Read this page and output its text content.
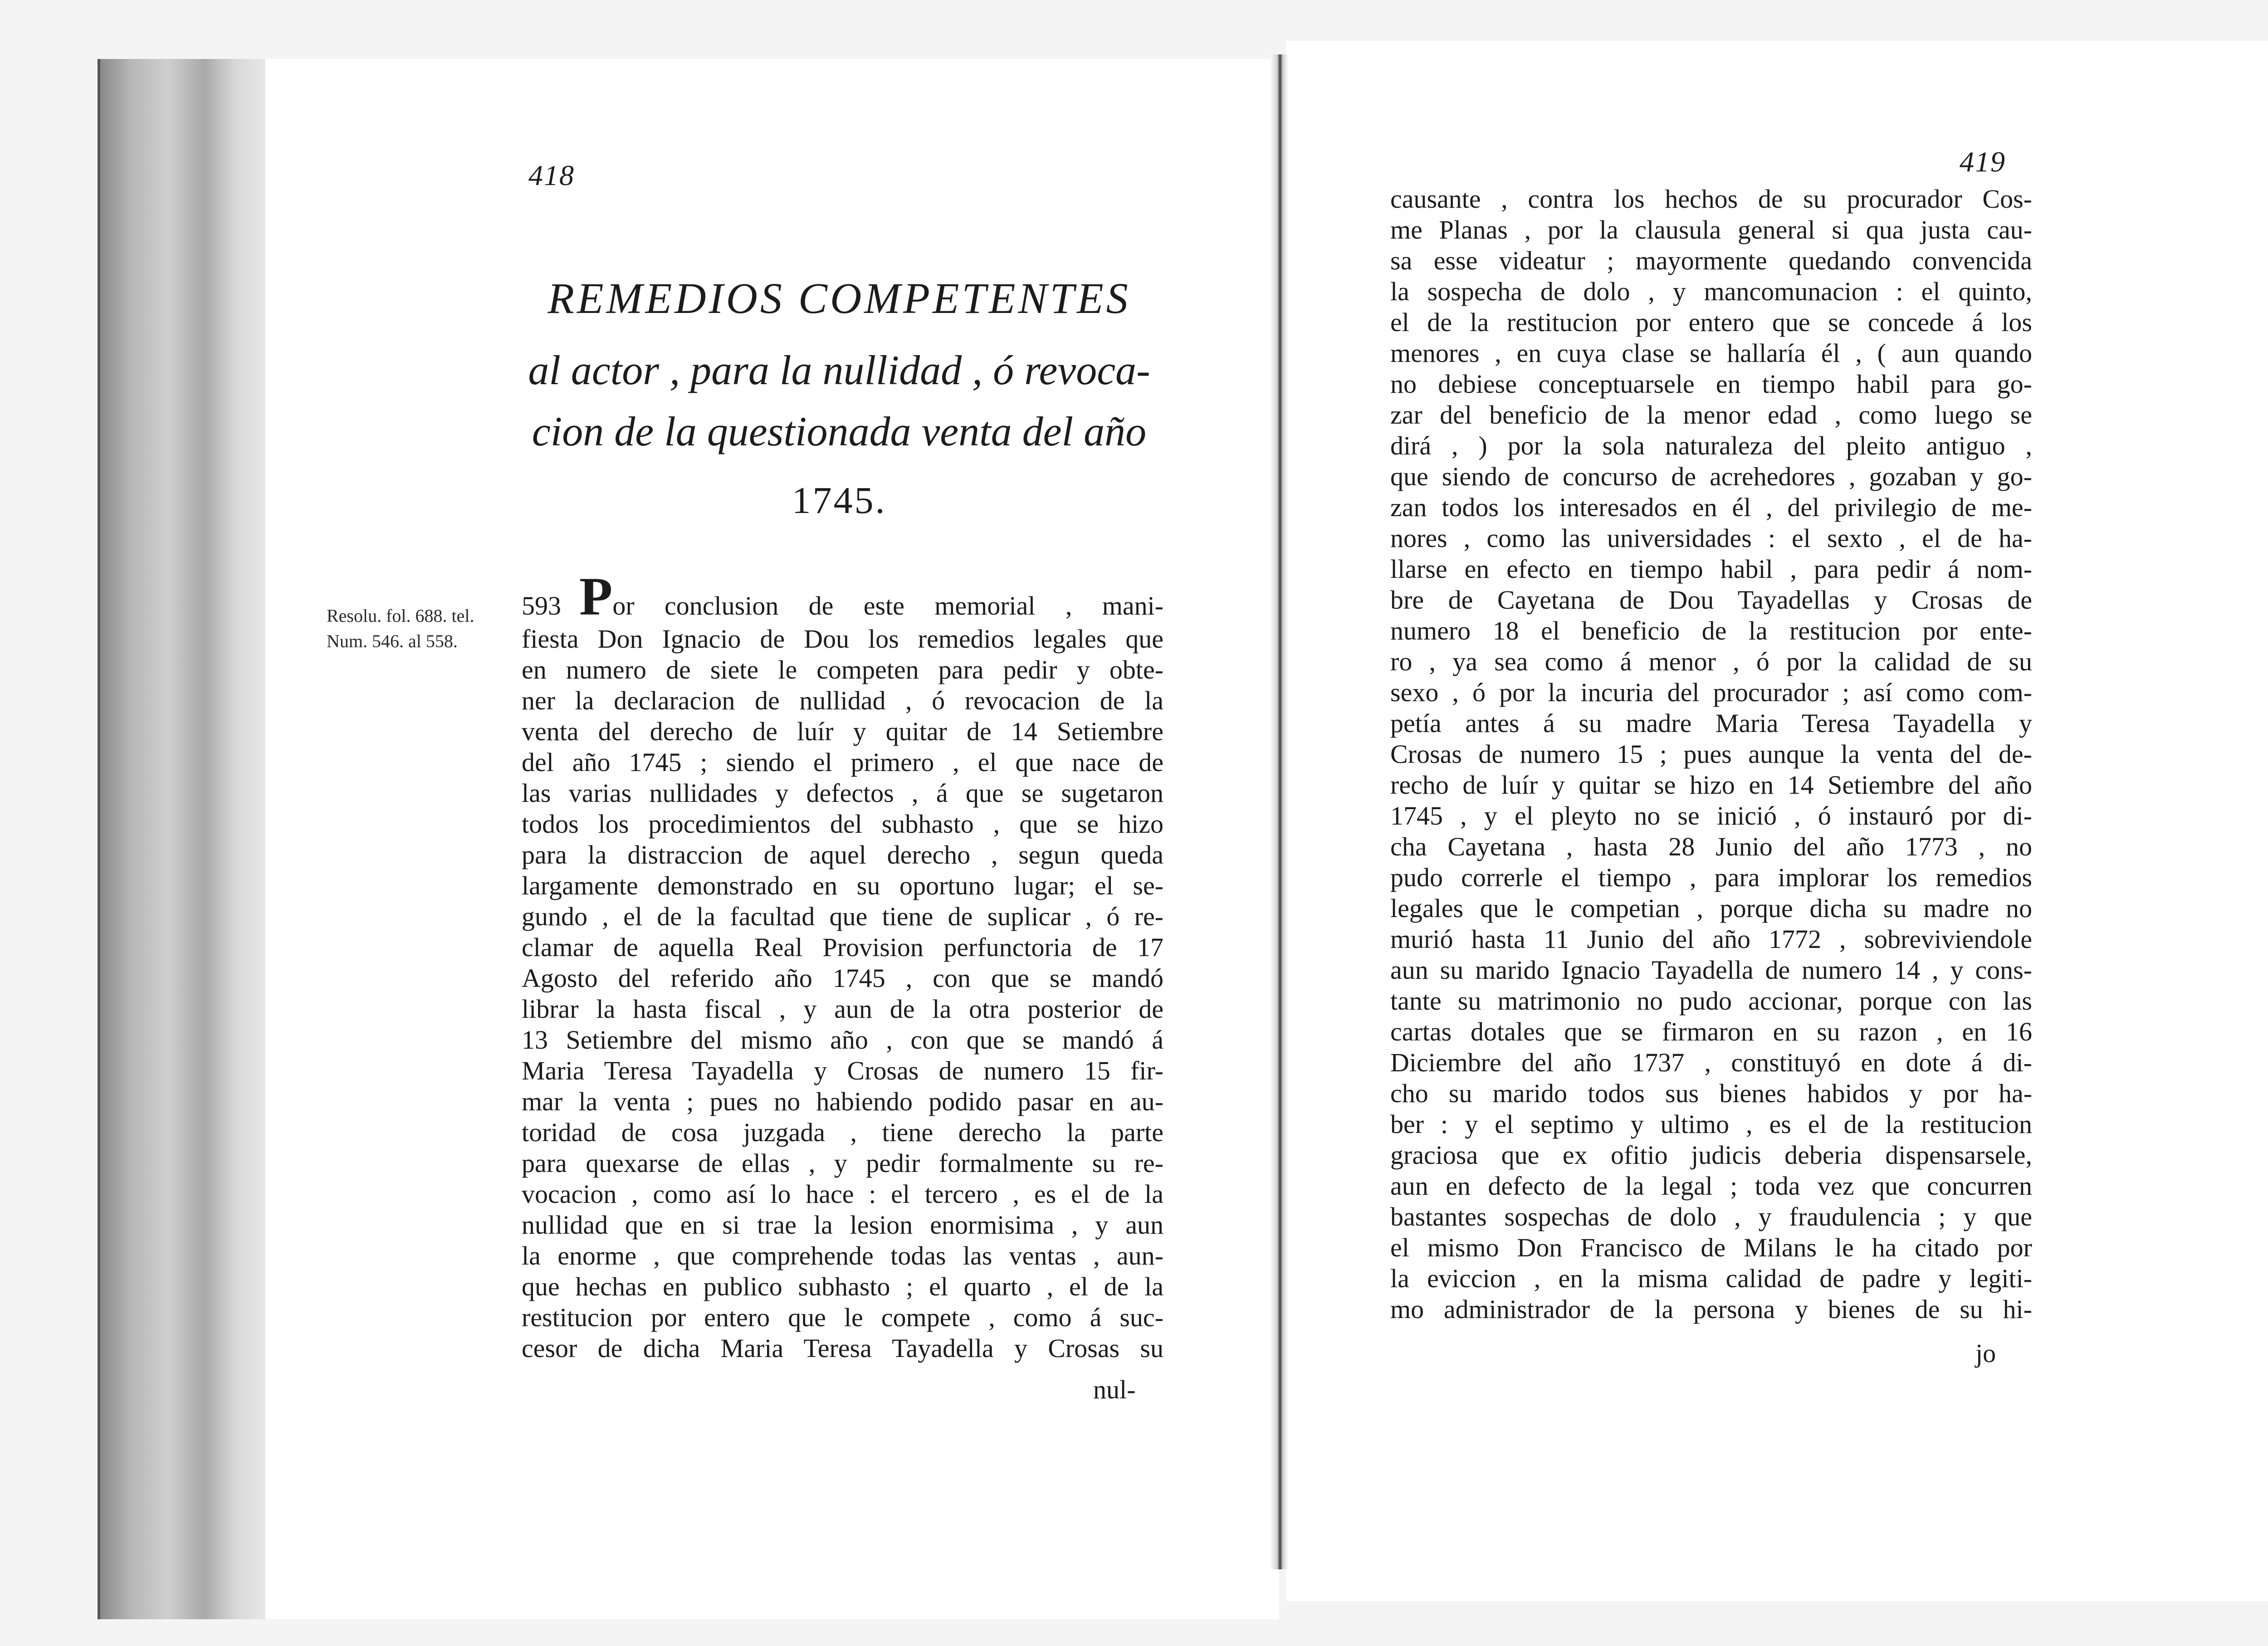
418
REMEDIOS COMPETENTES
al actor , para la nullidad , ó revoca-
cion de la questionada venta del año
1745.
Resolu. fol. 688. tel.
Num. 546. al 558.
593 Por conclusion de este memorial , mani-
fiesta Don Ignacio de Dou los remedios legales que
en numero de siete le competen para pedir y obte-
ner la declaracion de nullidad , ó revocacion de la
venta del derecho de luír y quitar de 14 Setiembre
del año 1745 ; siendo el primero , el que nace de
las varias nullidades y defectos , á que se sugetaron
todos los procedimientos del subhasto , que se hizo
para la distraccion de aquel derecho , segun queda
largamente demonstrado en su oportuno lugar; el se-
gundo , el de la facultad que tiene de suplicar , ó re-
clamar de aquella Real Provision perfunctoria de 17
Agosto del referido año 1745 , con que se mandó
librar la hasta fiscal , y aun de la otra posterior de
13 Setiembre del mismo año , con que se mandó á
Maria Teresa Tayadella y Crosas de numero 15 fir-
mar la venta ; pues no habiendo podido pasar en au-
toridad de cosa juzgada , tiene derecho la parte
para quexarse de ellas , y pedir formalmente su re-
vocacion , como así lo hace : el tercero , es el de la
nullidad que en si trae la lesion enormisima , y aun
la enorme , que comprehende todas las ventas , aun-
que hechas en publico subhasto ; el quarto , el de la
restitucion por entero que le compete , como á suc-
cesor de dicha Maria Teresa Tayadella y Crosas su
nul-
419
causante , contra los hechos de su procurador Cos-
me Planas , por la clausula general si qua justa cau-
sa esse videatur ; mayormente quedando convencida
la sospecha de dolo , y mancomunacion : el quinto,
el de la restitucion por entero que se concede á los
menores , en cuya clase se hallaría él , ( aun quando
no debiese conceptuarsele en tiempo habil para go-
zar del beneficio de la menor edad , como luego se
dirá , ) por la sola naturaleza del pleito antiguo ,
que siendo de concurso de acrehedores , gozaban y go-
zan todos los interesados en él , del privilegio de me-
nores , como las universidades : el sexto , el de ha-
llarse en efecto en tiempo habil , para pedir á nom-
bre de Cayetana de Dou Tayadellas y Crosas de
numero 18 el beneficio de la restitucion por ente-
ro , ya sea como á menor , ó por la calidad de su
sexo , ó por la incuria del procurador ; así como com-
petía antes á su madre Maria Teresa Tayadella y
Crosas de numero 15 ; pues aunque la venta del de-
recho de luír y quitar se hizo en 14 Setiembre del año
1745 , y el pleyto no se inició , ó instauró por di-
cha Cayetana , hasta 28 Junio del año 1773 , no
pudo correrle el tiempo , para implorar los remedios
legales que le competian , porque dicha su madre no
murió hasta 11 Junio del año 1772 , sobreviviendole
aun su marido Ignacio Tayadella de numero 14 , y cons-
tante su matrimonio no pudo accionar, porque con las
cartas dotales que se firmaron en su razon , en 16
Diciembre del año 1737 , constituyó en dote á di-
cho su marido todos sus bienes habidos y por ha-
ber : y el septimo y ultimo , es el de la restitucion
graciosa que ex ofitio judicis deberia dispensarsele,
aun en defecto de la legal ; toda vez que concurren
bastantes sospechas de dolo , y fraudulencia ; y que
el mismo Don Francisco de Milans le ha citado por
la eviccion , en la misma calidad de padre y legiti-
mo administrador de la persona y bienes de su hi-
jo
